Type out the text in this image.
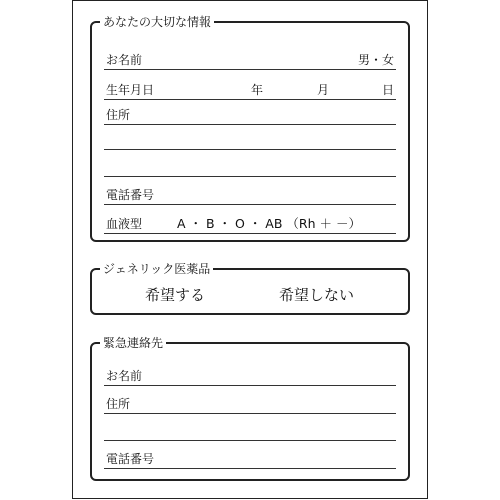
あなたの大切な情報
お名前	男・女
生年月日	年	月	日
住所
電話番号
血液型	A ・ B ・ O ・ AB （Rh ＋ －）
ジェネリック医薬品
希望する	希望しない
緊急連絡先
お名前
住所
電話番号
